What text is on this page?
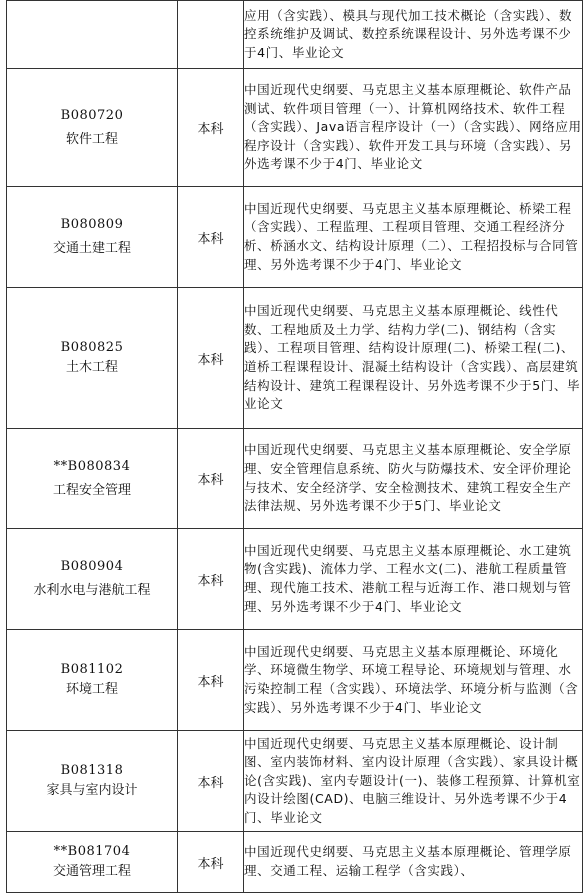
		应用（含实践）、模具与现代加工技术概论（含实践）、数控系统维护及调试、数控系统课程设计、另外选考课不少于4门、毕业论文

B080720
软件工程	本科	中国近现代史纲要、马克思主义基本原理概论、软件产品测试、软件项目管理（一）、计算机网络技术、软件工程（含实践）、Java语言程序设计（一）（含实践）、网络应用程序设计（含实践）、软件开发工具与环境（含实践）、另外选考课不少于4门、毕业论文

B080809
交通土建工程	本科	中国近现代史纲要、马克思主义基本原理概论、桥梁工程（含实践）、工程监理、工程项目管理、交通工程经济分析、桥涵水文、结构设计原理（二）、工程招投标与合同管理、另外选考课不少于4门、毕业论文

B080825
土木工程	本科	中国近现代史纲要、马克思主义基本原理概论、线性代数、工程地质及土力学、结构力学(二)、钢结构（含实践）、工程项目管理、结构设计原理(二)、桥梁工程(二)、道桥工程课程设计、混凝土结构设计（含实践）、高层建筑结构设计、建筑工程课程设计、另外选考课不少于5门、毕业论文

**B080834
工程安全管理	本科	中国近现代史纲要、马克思主义基本原理概论、安全学原理、安全管理信息系统、防火与防爆技术、安全评价理论与技术、安全经济学、安全检测技术、建筑工程安全生产法律法规、另外选考课不少于5门、毕业论文

B080904
水利水电与港航工程	本科	中国近现代史纲要、马克思主义基本原理概论、水工建筑物(含实践)、流体力学、工程水文(二)、港航工程质量管理、现代施工技术、港航工程与近海工作、港口规划与管理、另外选考课不少于4门、毕业论文

B081102
环境工程	本科	中国近现代史纲要、马克思主义基本原理概论、环境化学、环境微生物学、环境工程导论、环境规划与管理、水污染控制工程（含实践）、环境法学、环境分析与监测（含实践）、另外选考课不少于4门、毕业论文

B081318
家具与室内设计	本科	中国近现代史纲要、马克思主义基本原理概论、设计制图、室内装饰材料、室内设计原理（含实践）、家具设计概论(含实践)、室内专题设计(一)、装修工程预算、计算机室内设计绘图(CAD)、电脑三维设计、另外选考课不少于4门、毕业论文

**B081704
交通管理工程	本科	中国近现代史纲要、马克思主义基本原理概论、管理学原理、交通工程、运输工程学（含实践）、
